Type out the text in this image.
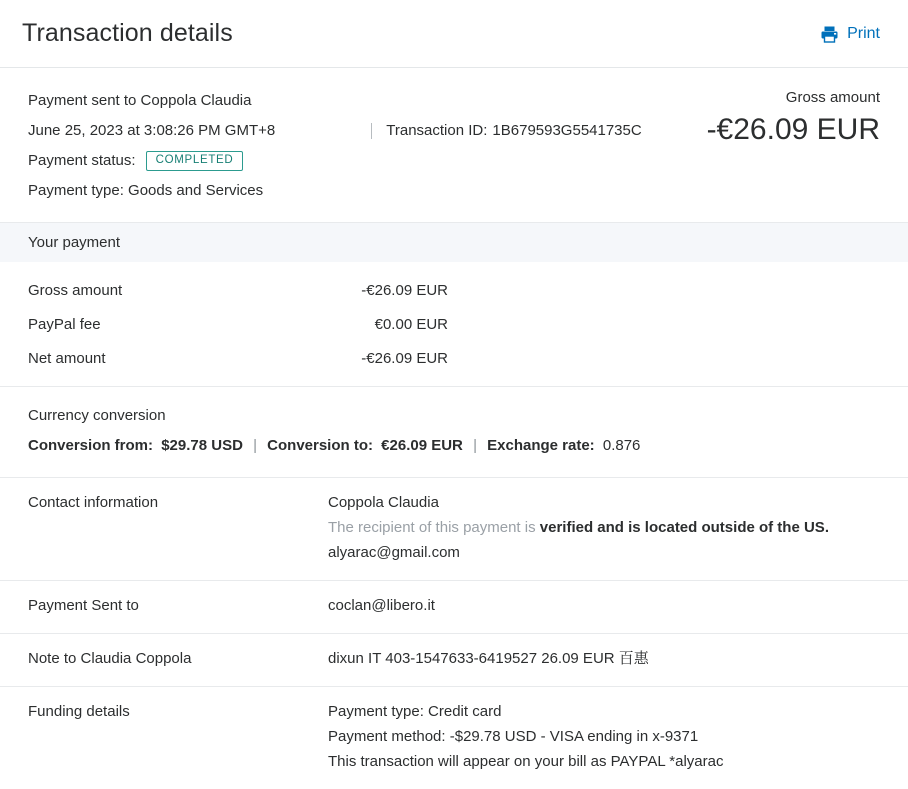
Transaction details	Print
Payment sent to Coppola Claudia
June 25, 2023 at 3:08:26 PM GMT+8	Transaction ID: 1B679593G5541735C
Payment status:	COMPLETED
Payment type: Goods and Services
Gross amount
-€26.09 EUR
Your payment
Gross amount	-€26.09 EUR
PayPal fee	€0.00 EUR
Net amount	-€26.09 EUR
Currency conversion
Conversion from: $29.78 USD | Conversion to: €26.09 EUR | Exchange rate: 0.876
Contact information	Coppola Claudia
The recipient of this payment is verified and is located outside of the US.
alyarac@gmail.com
Payment Sent to	coclan@libero.it
Note to Claudia Coppola	dixun IT 403-1547633-6419527 26.09 EUR 百惠
Funding details	Payment type: Credit card
Payment method: -$29.78 USD - VISA ending in x-9371
This transaction will appear on your bill as PAYPAL *alyarac
